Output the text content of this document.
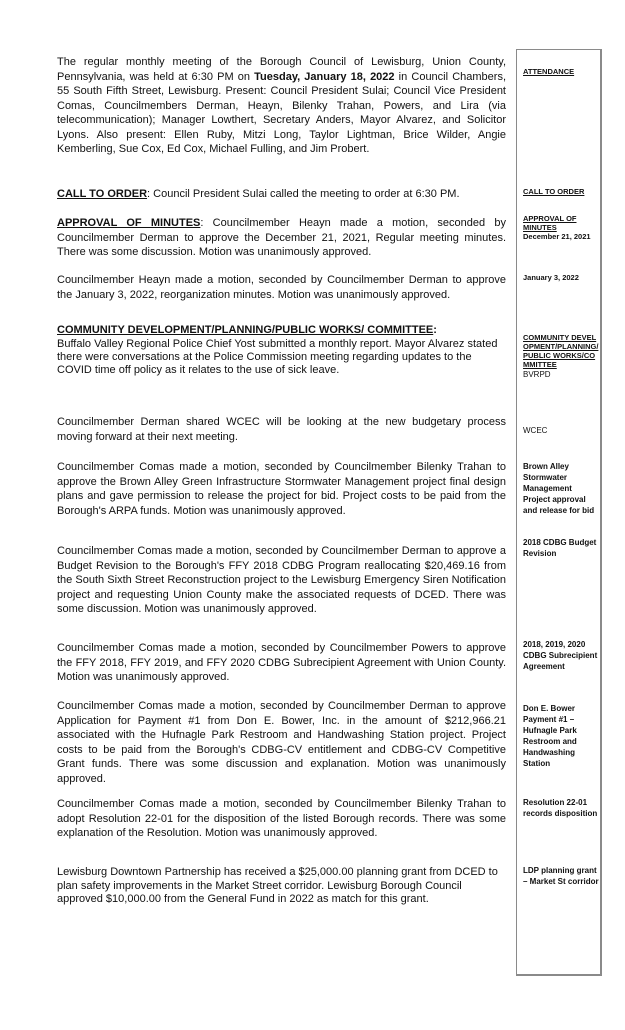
The regular monthly meeting of the Borough Council of Lewisburg, Union County, Pennsylvania, was held at 6:30 PM on Tuesday, January 18, 2022 in Council Chambers, 55 South Fifth Street, Lewisburg. Present: Council President Sulai; Council Vice President Comas, Councilmembers Derman, Heayn, Bilenky Trahan, Powers, and Lira (via telecommunication); Manager Lowthert, Secretary Anders, Mayor Alvarez, and Solicitor Lyons. Also present: Ellen Ruby, Mitzi Long, Taylor Lightman, Brice Wilder, Angie Kemberling, Sue Cox, Ed Cox, Michael Fulling, and Jim Probert.

CALL TO ORDER: Council President Sulai called the meeting to order at 6:30 PM.

APPROVAL OF MINUTES: Councilmember Heayn made a motion, seconded by Councilmember Derman to approve the December 21, 2021, Regular meeting minutes. There was some discussion. Motion was unanimously approved.

Councilmember Heayn made a motion, seconded by Councilmember Derman to approve the January 3, 2022, reorganization minutes. Motion was unanimously approved.

COMMUNITY DEVELOPMENT/PLANNING/PUBLIC WORKS/ COMMITTEE:
Buffalo Valley Regional Police Chief Yost submitted a monthly report. Mayor Alvarez stated there were conversations at the Police Commission meeting regarding updates to the COVID time off policy as it relates to the use of sick leave.

Councilmember Derman shared WCEC will be looking at the new budgetary process moving forward at their next meeting.

Councilmember Comas made a motion, seconded by Councilmember Bilenky Trahan to approve the Brown Alley Green Infrastructure Stormwater Management project final design plans and gave permission to release the project for bid. Project costs to be paid from the Borough's ARPA funds. Motion was unanimously approved.

Councilmember Comas made a motion, seconded by Councilmember Derman to approve a Budget Revision to the Borough's FFY 2018 CDBG Program reallocating $20,469.16 from the South Sixth Street Reconstruction project to the Lewisburg Emergency Siren Notification project and requesting Union County make the associated requests of DCED. There was some discussion. Motion was unanimously approved.

Councilmember Comas made a motion, seconded by Councilmember Powers to approve the FFY 2018, FFY 2019, and FFY 2020 CDBG Subrecipient Agreement with Union County. Motion was unanimously approved.

Councilmember Comas made a motion, seconded by Councilmember Derman to approve Application for Payment #1 from Don E. Bower, Inc. in the amount of $212,966.21 associated with the Hufnagle Park Restroom and Handwashing Station project. Project costs to be paid from the Borough's CDBG-CV entitlement and CDBG-CV Competitive Grant funds. There was some discussion and explanation. Motion was unanimously approved.

Councilmember Comas made a motion, seconded by Councilmember Bilenky Trahan to adopt Resolution 22-01 for the disposition of the listed Borough records. There was some explanation of the Resolution. Motion was unanimously approved.

Lewisburg Downtown Partnership has received a $25,000.00 planning grant from DCED to plan safety improvements in the Market Street corridor. Lewisburg Borough Council approved $10,000.00 from the General Fund in 2022 as match for this grant.

ATTENDANCE
CALL TO ORDER
APPROVAL OF MINUTES
December 21, 2021
January 3, 2022
COMMUNITY DEVELOPMENT/PLANNING/PUBLIC WORKS/COMMITTEE
BVRPD
WCEC
Brown Alley Stormwater Management Project approval and release for bid
2018 CDBG Budget Revision
2018, 2019, 2020 CDBG Subrecipient Agreement
Don E. Bower Payment #1 – Hufnagle Park Restroom and Handwashing Station
Resolution 22-01 records disposition
LDP planning grant – Market St corridor
